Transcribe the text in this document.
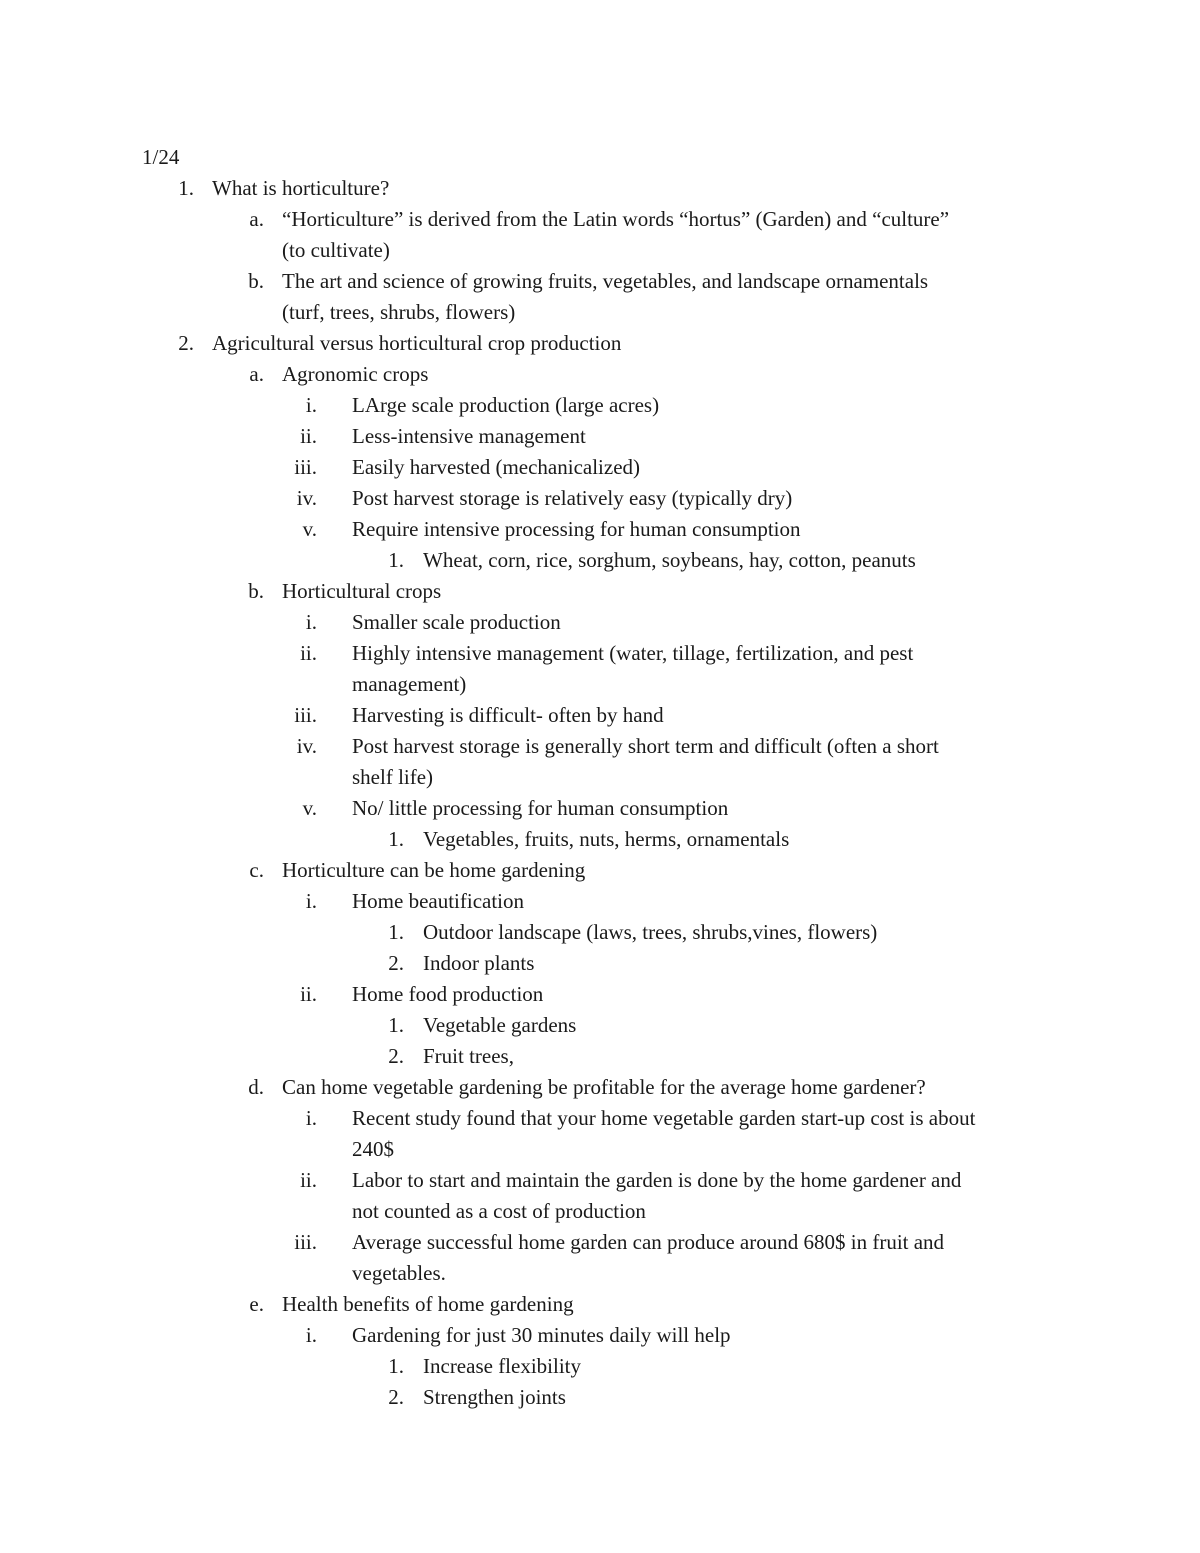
1/24
1. What is horticulture?
a. “Horticulture” is derived from the Latin words “hortus” (Garden) and “culture”
(to cultivate)
b. The art and science of growing fruits, vegetables, and landscape ornamentals
(turf, trees, shrubs, flowers)
2. Agricultural versus horticultural crop production
a. Agronomic crops
i. LArge scale production (large acres)
ii. Less-intensive management
iii. Easily harvested (mechanicalized)
iv. Post harvest storage is relatively easy (typically dry)
v. Require intensive processing for human consumption
1. Wheat, corn, rice, sorghum, soybeans, hay, cotton, peanuts
b. Horticultural crops
i. Smaller scale production
ii. Highly intensive management (water, tillage, fertilization, and pest
management)
iii. Harvesting is difficult- often by hand
iv. Post harvest storage is generally short term and difficult (often a short
shelf life)
v. No/ little processing for human consumption
1. Vegetables, fruits, nuts, herms, ornamentals
c. Horticulture can be home gardening
i. Home beautification
1. Outdoor landscape (laws, trees, shrubs,vines, flowers)
2. Indoor plants
ii. Home food production
1. Vegetable gardens
2. Fruit trees,
d. Can home vegetable gardening be profitable for the average home gardener?
i. Recent study found that your home vegetable garden start-up cost is about
240$
ii. Labor to start and maintain the garden is done by the home gardener and
not counted as a cost of production
iii. Average successful home garden can produce around 680$ in fruit and
vegetables.
e. Health benefits of home gardening
i. Gardening for just 30 minutes daily will help
1. Increase flexibility
2. Strengthen joints
